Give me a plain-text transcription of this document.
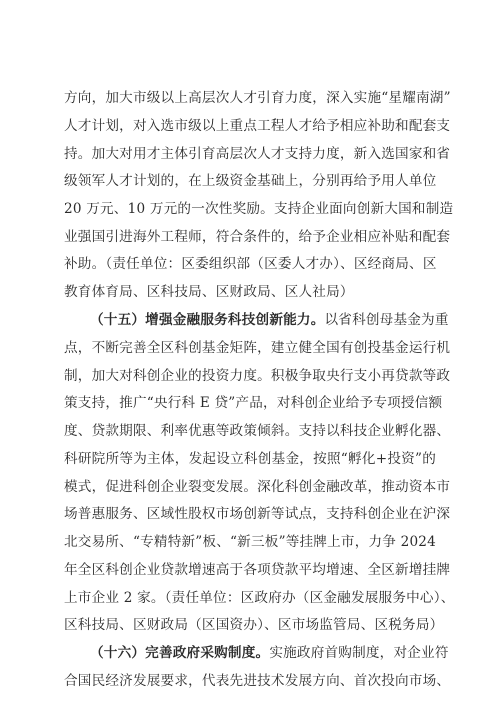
方向，加大市级以上高层次人才引育力度，深入实施“星耀南湖”
人才计划，对入选市级以上重点工程人才给予相应补助和配套支
持。加大对用才主体引育高层次人才支持力度，新入选国家和省
级领军人才计划的，在上级资金基础上，分别再给予用人单位
20 万元、10 万元的一次性奖励。支持企业面向创新大国和制造
业强国引进海外工程师，符合条件的，给予企业相应补贴和配套
补助。（责任单位：区委组织部（区委人才办）、区经商局、区
教育体育局、区科技局、区财政局、区人社局）
（十五）增强金融服务科技创新能力。以省科创母基金为重
点，不断完善全区科创基金矩阵，建立健全国有创投基金运行机
制，加大对科创企业的投资力度。积极争取央行支小再贷款等政
策支持，推广“央行科 E 贷”产品，对科创企业给予专项授信额
度、贷款期限、利率优惠等政策倾斜。支持以科技企业孵化器、
科研院所等为主体，发起设立科创基金，按照“孵化+投资”的
模式，促进科创企业裂变发展。深化科创金融改革，推动资本市
场普惠服务、区域性股权市场创新等试点，支持科创企业在沪深
北交易所、“专精特新”板、“新三板”等挂牌上市，力争 2024
年全区科创企业贷款增速高于各项贷款平均增速、全区新增挂牌
上市企业 2 家。（责任单位：区政府办（区金融发展服务中心）、
区科技局、区财政局（区国资办）、区市场监管局、区税务局）
（十六）完善政府采购制度。实施政府首购制度，对企业符
合国民经济发展要求，代表先进技术发展方向、首次投向市场、
